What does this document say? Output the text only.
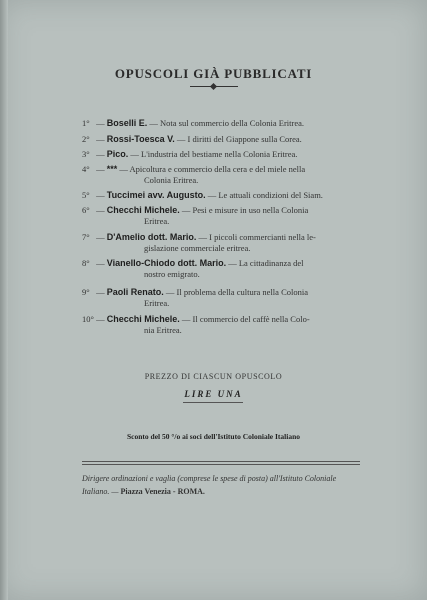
OPUSCOLI GIÀ PUBBLICATI
1° — Boselli E. — Nota sul commercio della Colonia Eritrea.
2° — Rossi-Toesca V. — I diritti del Giappone sulla Corea.
3° — Pico. — L'industria del bestiame nella Colonia Eritrea.
4° — *** — Apicoltura e commercio della cera e del miele nella
Colonia Eritrea.
5° — Tuccimei avv. Augusto. — Le attuali condizioni del Siam.
6° — Checchi Michele. — Pesi e misure in uso nella Colonia
Eritrea.
7° — D'Amelio dott. Mario. — I piccoli commercianti nella le-
gislazione commerciale eritrea.
8° — Vianello-Chiodo dott. Mario. — La cittadinanza del
nostro emigrato.
9° — Paoli Renato. — Il problema della cultura nella Colonia
Eritrea.
10° — Checchi Michele. — Il commercio del caffè nella Colo-
nia Eritrea.
PREZZO DI CIASCUN OPUSCOLO
LIRE UNA
Sconto del 50 °/o ai soci dell'Istituto Coloniale Italiano
Dirigere ordinazioni e vaglia (comprese le spese di posta) all'Istituto Coloniale Italiano. — Piazza Venezia - ROMA.
